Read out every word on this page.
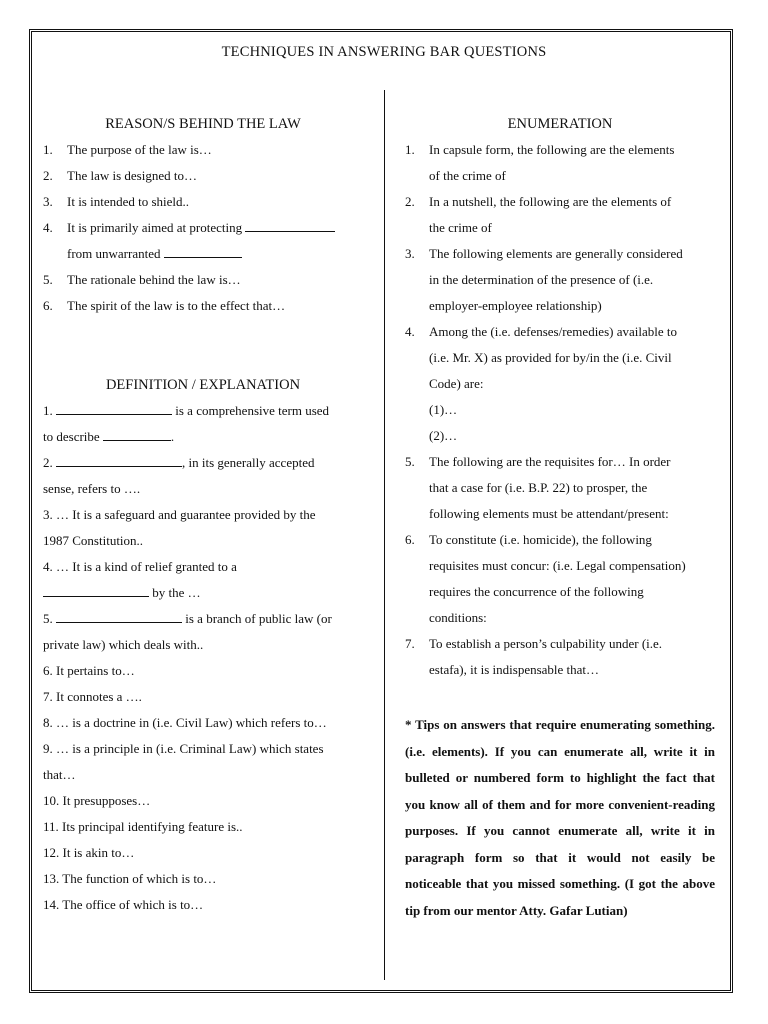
TECHNIQUES IN ANSWERING BAR QUESTIONS
REASON/S BEHIND THE LAW
1. The purpose of the law is…
2. The law is designed to…
3. It is intended to shield..
4. It is primarily aimed at protecting
from unwarranted
5. The rationale behind the law is…
6. The spirit of the law is to the effect that…
DEFINITION / EXPLANATION
1.	is a comprehensive term used
to describe	.
2.	, in its generally accepted
sense, refers to ….
3. … It is a safeguard and guarantee provided by the
1987 Constitution..
4. … It is a kind of relief granted to a
by the …
5.	is a branch of public law (or
private law) which deals with..
6. It pertains to…
7. It connotes a ….
8. … is a doctrine in (i.e. Civil Law) which refers to…
9. … is a principle in (i.e. Criminal Law) which states
that…
10. It presupposes…
11. Its principal identifying feature is..
12. It is akin to…
13. The function of which is to…
14. The office of which is to…
ENUMERATION
1. In capsule form, the following are the elements
of the crime of
2. In a nutshell, the following are the elements of
the crime of
3. The following elements are generally considered
in the determination of the presence of (i.e.
employer-employee relationship)
4. Among the (i.e. defenses/remedies) available to
(i.e. Mr. X) as provided for by/in the (i.e. Civil
Code) are:
(1)…
(2)…
5. The following are the requisites for… In order
that a case for (i.e. B.P. 22) to prosper, the
following elements must be attendant/present:
6. To constitute (i.e. homicide), the following
requisites must concur: (i.e. Legal compensation)
requires the concurrence of the following
conditions:
7. To establish a person’s culpability under (i.e.
estafa), it is indispensable that…
* Tips on answers that require enumerating something. (i.e. elements). If you can enumerate all, write it in bulleted or numbered form to highlight the fact that you know all of them and for more convenient-reading purposes. If you cannot enumerate all, write it in paragraph form so that it would not easily be noticeable that you missed something. (I got the above tip from our mentor Atty. Gafar Lutian)
